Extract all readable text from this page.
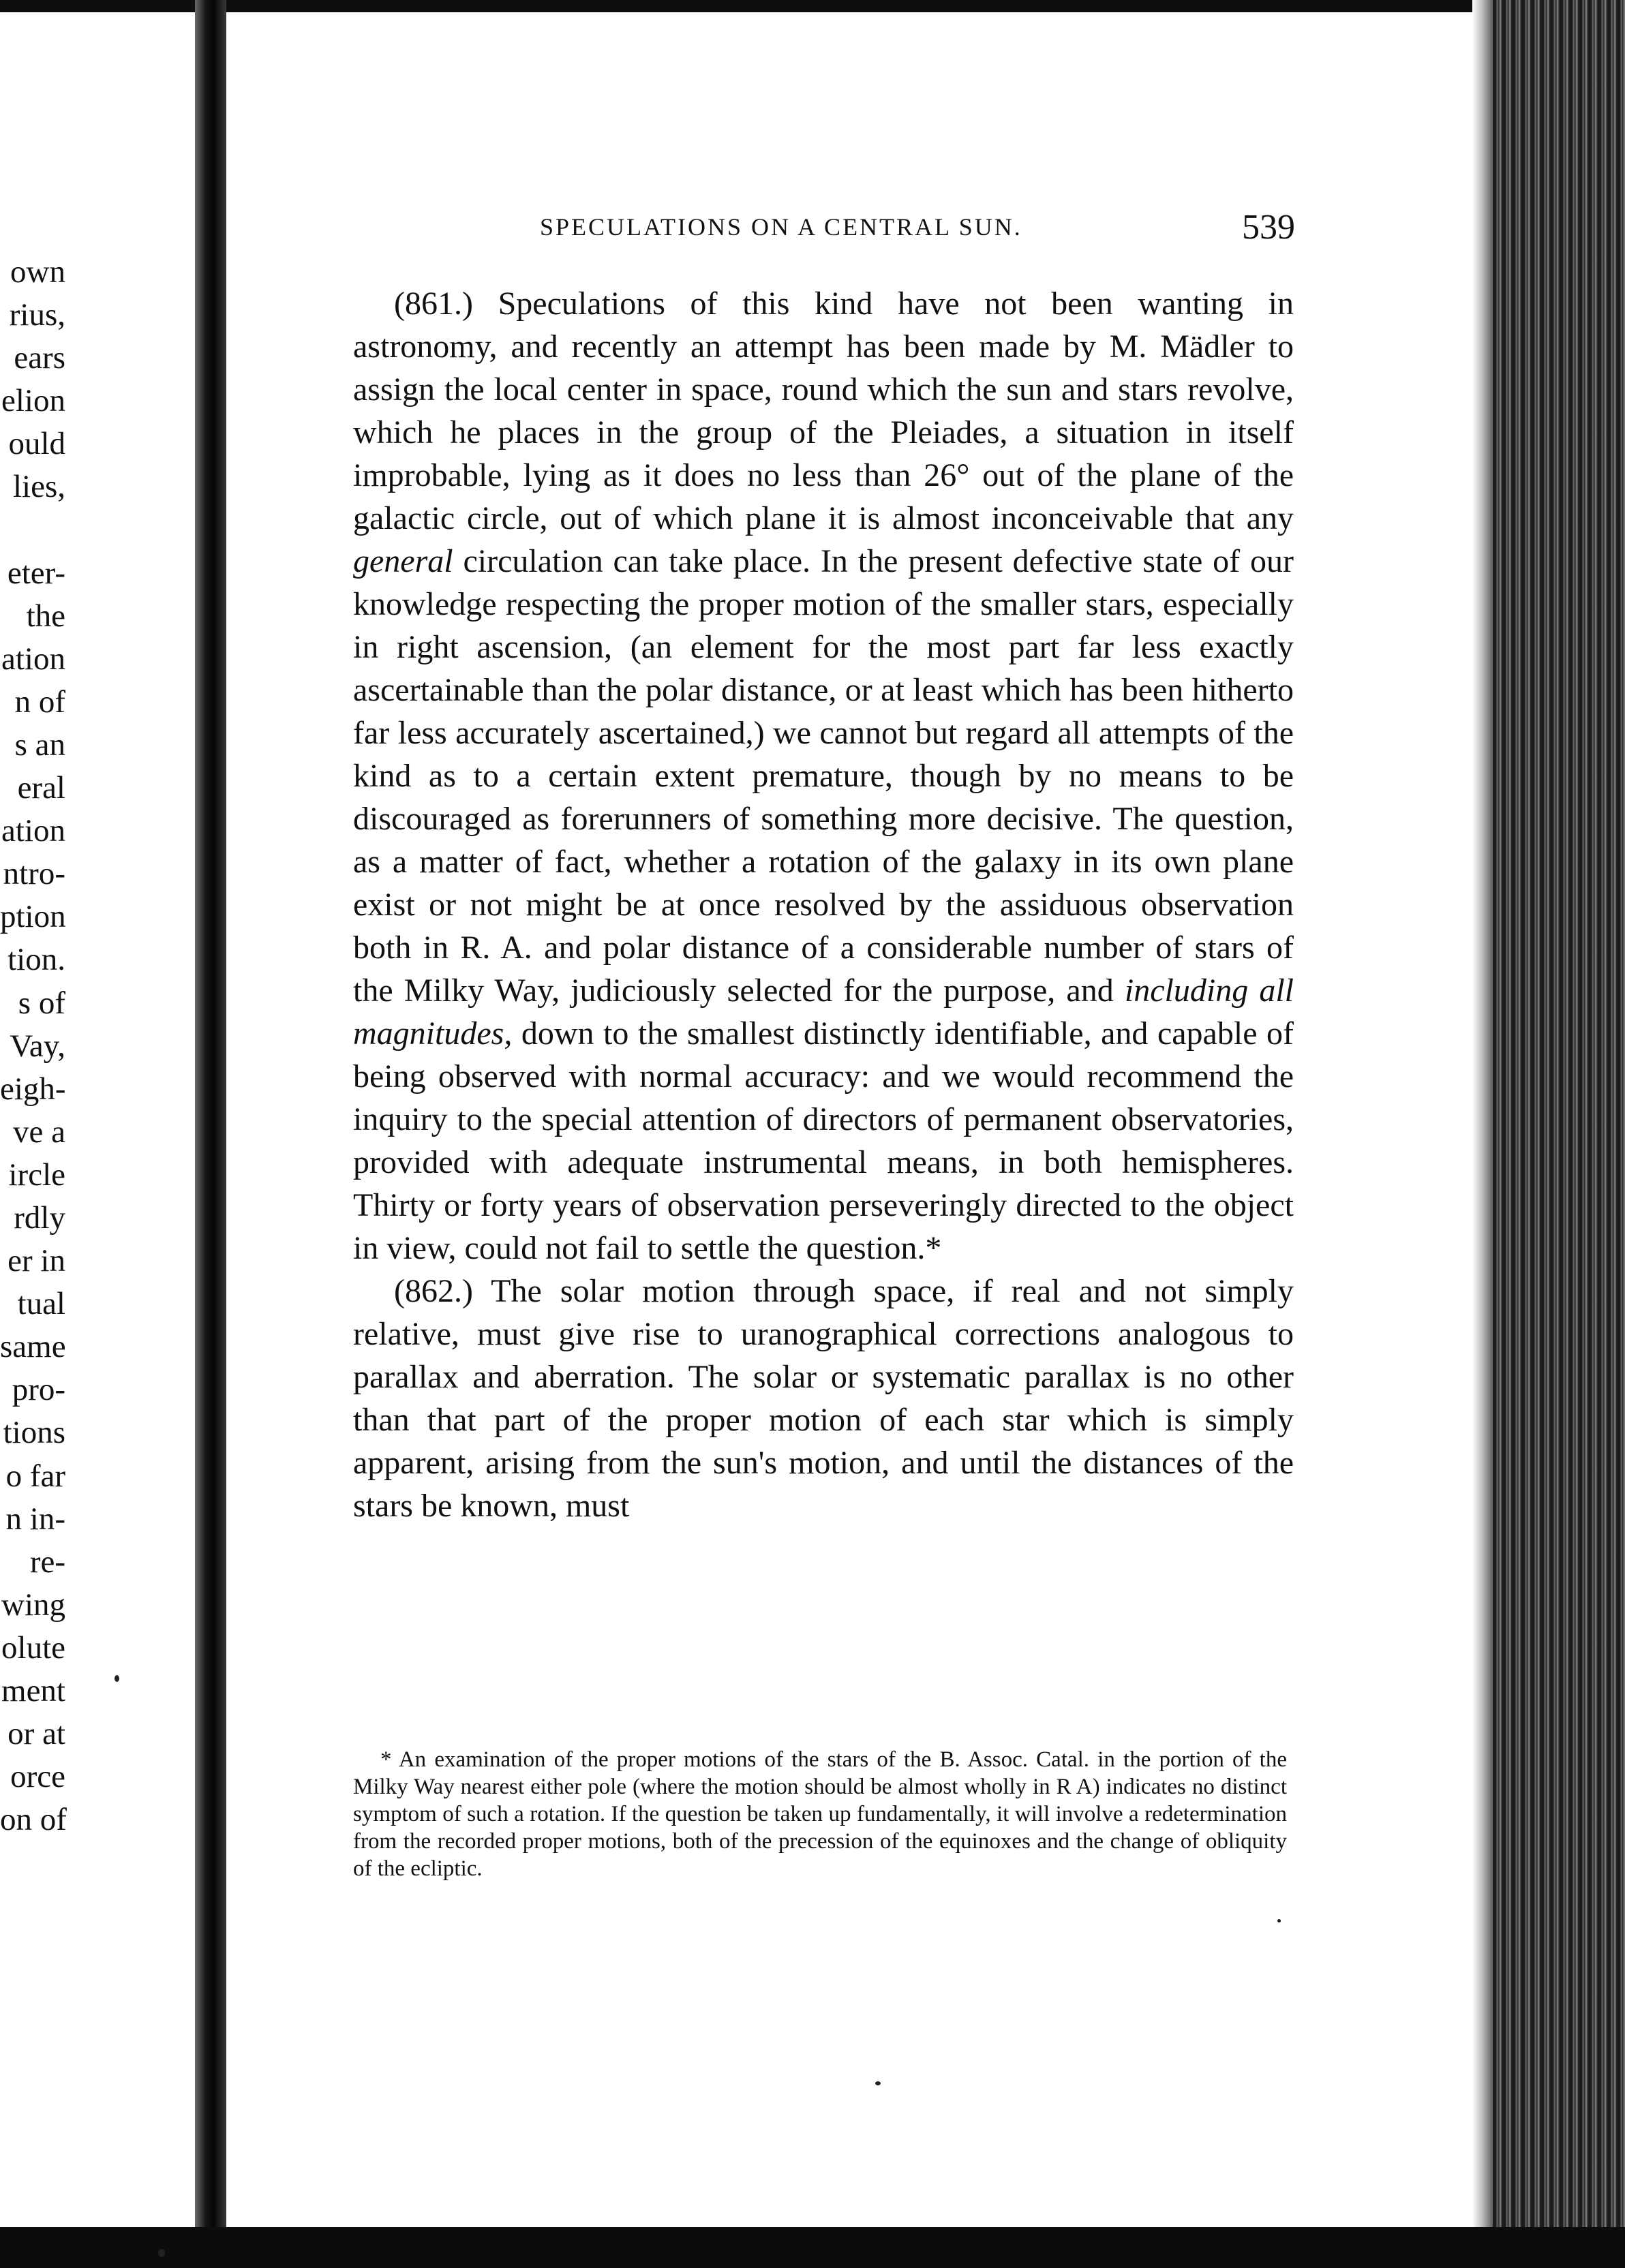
own
rius,
ears
elion
ould
lies,
eter-
the
ation
n of
s an
eral
ation
ntro-
ption
tion.
s of
Vay,
eigh-
ve a
ircle
rdly
er in
tual
same
pro-
tions
o far
n in-
re-
wing
olute
ment
or at
orce
on of
SPECULATIONS ON A CENTRAL SUN.	539

(861.) Speculations of this kind have not been wanting in astronomy, and recently an attempt has been made by M. Mädler to assign the local center in space, round which the sun and stars revolve, which he places in the group of the Pleiades, a situation in itself improbable, lying as it does no less than 26° out of the plane of the galactic circle, out of which plane it is almost inconceivable that any general circulation can take place. In the present defective state of our knowledge respecting the proper motion of the smaller stars, especially in right ascension, (an element for the most part far less exactly ascertainable than the polar distance, or at least which has been hitherto far less accurately ascertained,) we cannot but regard all attempts of the kind as to a certain extent premature, though by no means to be discouraged as forerunners of something more decisive. The question, as a matter of fact, whether a rotation of the galaxy in its own plane exist or not might be at once resolved by the assiduous observation both in R. A. and polar distance of a considerable number of stars of the Milky Way, judiciously selected for the purpose, and including all magnitudes, down to the smallest distinctly identifiable, and capable of being observed with normal accuracy: and we would recommend the inquiry to the special attention of directors of permanent observatories, provided with adequate instrumental means, in both hemispheres. Thirty or forty years of observation perseveringly directed to the object in view, could not fail to settle the question.*

(862.) The solar motion through space, if real and not simply relative, must give rise to uranographical corrections analogous to parallax and aberration. The solar or systematic parallax is no other than that part of the proper motion of each star which is simply apparent, arising from the sun's motion, and until the distances of the stars be known, must

* An examination of the proper motions of the stars of the B. Assoc. Catal. in the portion of the Milky Way nearest either pole (where the motion should be almost wholly in R A) indicates no distinct symptom of such a rotation. If the question be taken up fundamentally, it will involve a redetermination from the recorded proper motions, both of the precession of the equinoxes and the change of obliquity of the ecliptic.
